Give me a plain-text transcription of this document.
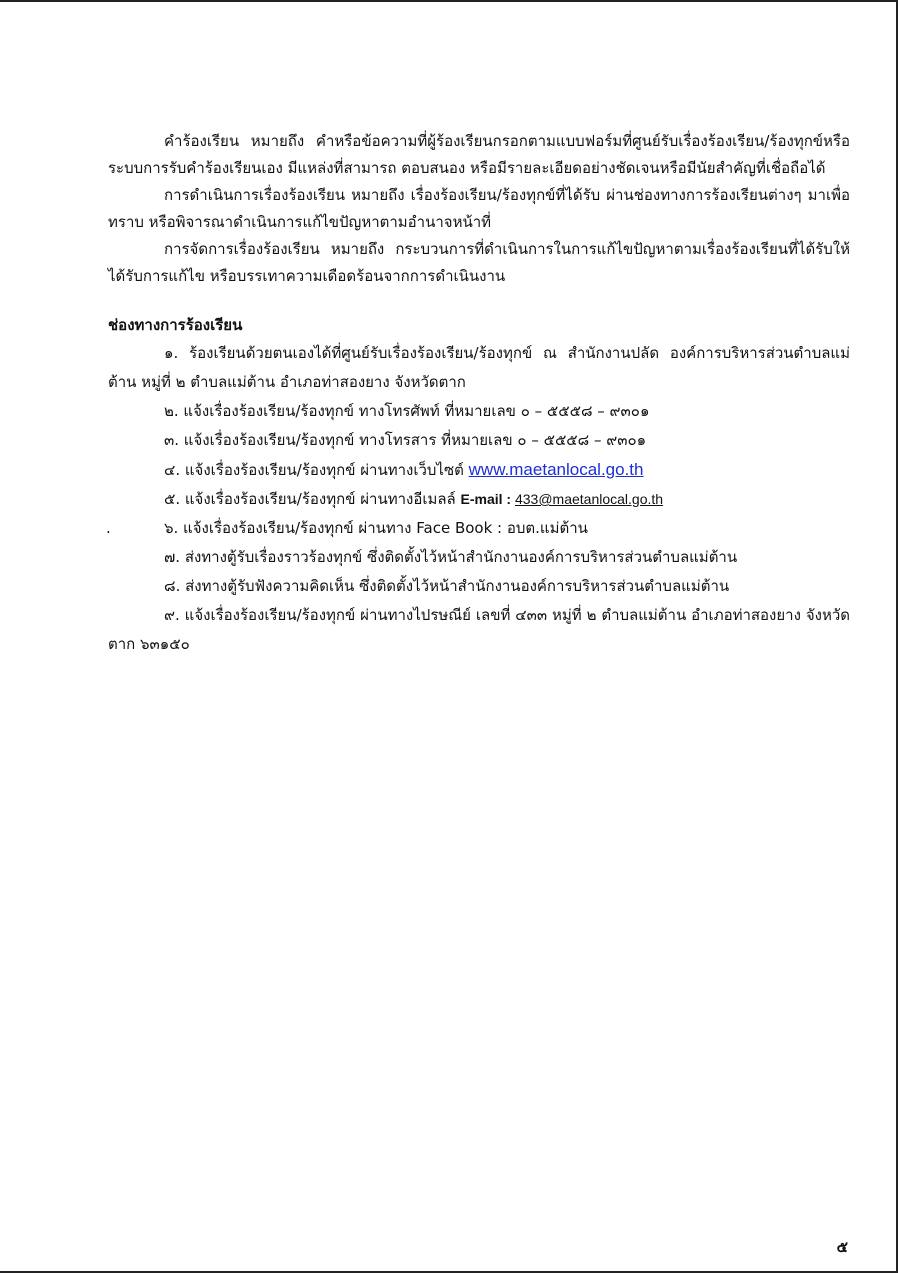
คำร้องเรียน หมายถึง คำหรือข้อความที่ผู้ร้องเรียนกรอกตามแบบฟอร์มที่ศูนย์รับเรื่องร้องเรียน/ร้องทุกข์หรือระบบการรับคำร้องเรียนเอง มีแหล่งที่สามารถ ตอบสนอง หรือมีรายละเอียดอย่างชัดเจนหรือมีนัยสำคัญที่เชื่อถือได้

การดำเนินการเรื่องร้องเรียน หมายถึง เรื่องร้องเรียน/ร้องทุกข์ที่ได้รับ ผ่านช่องทางการร้องเรียนต่างๆ มาเพื่อทราบ หรือพิจารณาดำเนินการแก้ไขปัญหาตามอำนาจหน้าที่

การจัดการเรื่องร้องเรียน หมายถึง กระบวนการที่ดำเนินการในการแก้ไขปัญหาตามเรื่องร้องเรียนที่ได้รับให้ได้รับการแก้ไข หรือบรรเทาความเดือดร้อนจากการดำเนินงาน

ช่องทางการร้องเรียน

๑. ร้องเรียนด้วยตนเองได้ที่ศูนย์รับเรื่องร้องเรียน/ร้องทุกข์ ณ สำนักงานปลัด องค์การบริหารส่วนตำบลแม่ต้าน หมู่ที่ ๒ ตำบลแม่ต้าน อำเภอท่าสองยาง จังหวัดตาก

๒. แจ้งเรื่องร้องเรียน/ร้องทุกข์ ทางโทรศัพท์ ที่หมายเลข ๐ – ๕๕๕๘ – ๙๓๐๑

๓. แจ้งเรื่องร้องเรียน/ร้องทุกข์ ทางโทรสาร ที่หมายเลข ๐ – ๕๕๕๘ – ๙๓๐๑

๔. แจ้งเรื่องร้องเรียน/ร้องทุกข์ ผ่านทางเว็บไซต์ www.maetanlocal.go.th

๕. แจ้งเรื่องร้องเรียน/ร้องทุกข์ ผ่านทางอีเมลล์ E-mail : 433@maetanlocal.go.th

.	๖. แจ้งเรื่องร้องเรียน/ร้องทุกข์ ผ่านทาง Face Book : อบต.แม่ต้าน

๗. ส่งทางตู้รับเรื่องราวร้องทุกข์ ซึ่งติดตั้งไว้หน้าสำนักงานองค์การบริหารส่วนตำบลแม่ต้าน

๘. ส่งทางตู้รับฟังความคิดเห็น ซึ่งติดตั้งไว้หน้าสำนักงานองค์การบริหารส่วนตำบลแม่ต้าน

๙. แจ้งเรื่องร้องเรียน/ร้องทุกข์ ผ่านทางไปรษณีย์ เลขที่ ๔๓๓ หมู่ที่ ๒ ตำบลแม่ต้าน อำเภอท่าสองยาง จังหวัดตาก ๖๓๑๕๐

๕
